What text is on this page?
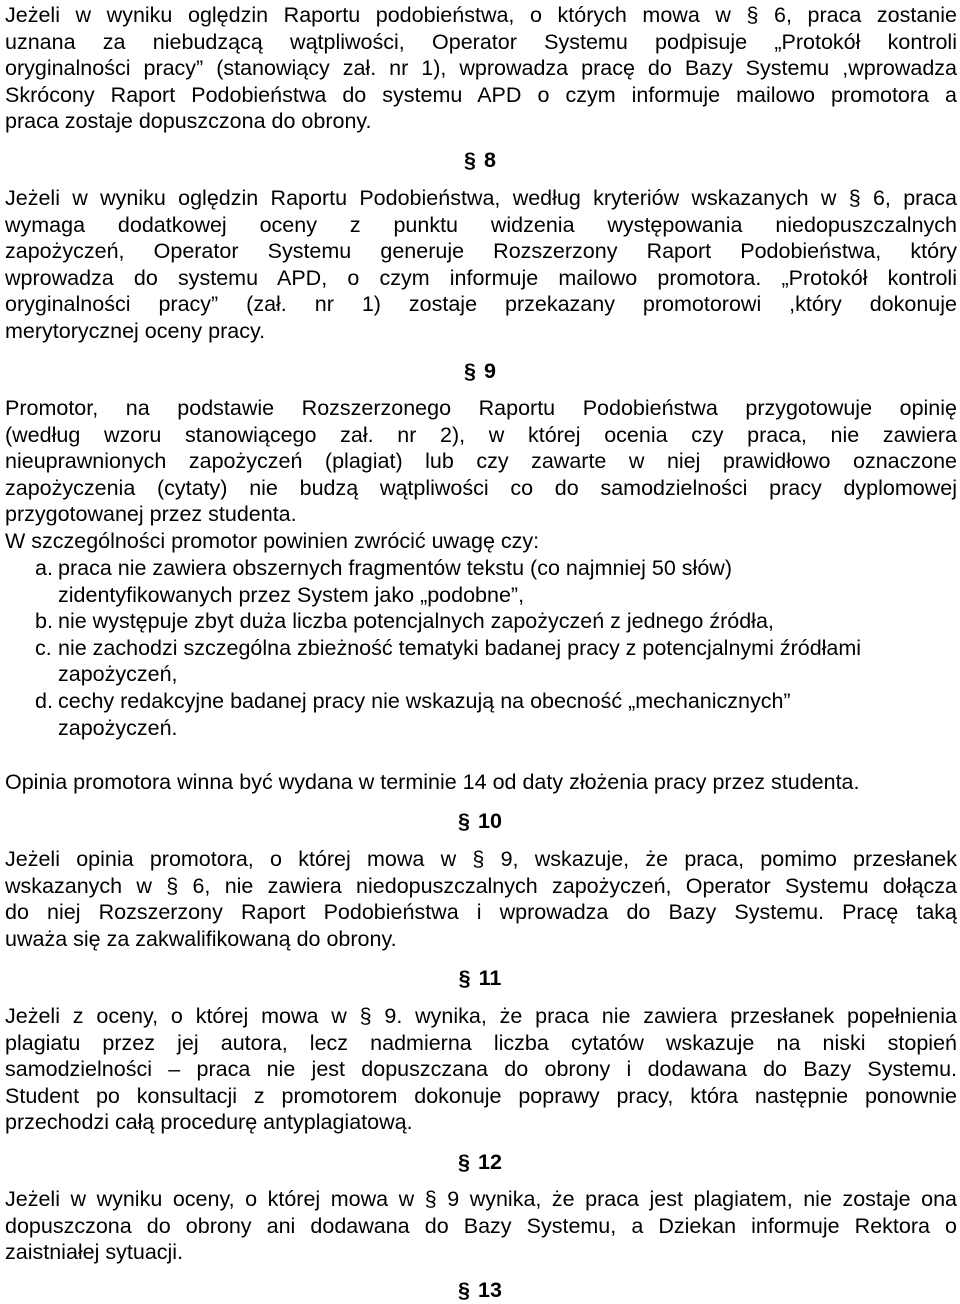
Jeżeli w wyniku oględzin Raportu podobieństwa, o których mowa w § 6, praca zostanie
uznana za niebudzącą wątpliwości, Operator Systemu podpisuje „Protokół kontroli
oryginalności pracy” (stanowiący zał. nr 1), wprowadza pracę do Bazy Systemu ,wprowadza
Skrócony Raport Podobieństwa do systemu APD o czym informuje mailowo promotora a
praca zostaje dopuszczona do obrony.
§ 8
Jeżeli w wyniku oględzin Raportu Podobieństwa, według kryteriów wskazanych w § 6, praca
wymaga dodatkowej oceny z punktu widzenia występowania niedopuszczalnych
zapożyczeń, Operator Systemu generuje Rozszerzony Raport Podobieństwa, który
wprowadza do systemu APD, o czym informuje mailowo promotora. „Protokół kontroli
oryginalności pracy” (zał. nr 1) zostaje przekazany promotorowi ,który dokonuje
merytorycznej oceny pracy.
§ 9
Promotor, na podstawie Rozszerzonego Raportu Podobieństwa przygotowuje opinię
(według wzoru stanowiącego zał. nr 2), w której ocenia czy praca, nie zawiera
nieuprawnionych zapożyczeń (plagiat) lub czy zawarte w niej prawidłowo oznaczone
zapożyczenia (cytaty) nie budzą wątpliwości co do samodzielności pracy dyplomowej
przygotowanej przez studenta.
W szczególności promotor powinien zwrócić uwagę czy:
a. praca nie zawiera obszernych fragmentów tekstu (co najmniej 50 słów)
zidentyfikowanych przez System jako „podobne”,
b. nie występuje zbyt duża liczba potencjalnych zapożyczeń z jednego źródła,
c. nie zachodzi szczególna zbieżność tematyki badanej pracy z potencjalnymi źródłami
zapożyczeń,
d. cechy redakcyjne badanej pracy nie wskazują na obecność „mechanicznych”
zapożyczeń.
Opinia promotora winna być wydana w terminie 14 od daty złożenia pracy przez studenta.
§ 10
Jeżeli opinia promotora, o której mowa w § 9, wskazuje, że praca, pomimo przesłanek
wskazanych w § 6, nie zawiera niedopuszczalnych zapożyczeń, Operator Systemu dołącza
do niej Rozszerzony Raport Podobieństwa i wprowadza do Bazy Systemu. Pracę taką
uważa się za zakwalifikowaną do obrony.
§ 11
Jeżeli z oceny, o której mowa w § 9. wynika, że praca nie zawiera przesłanek popełnienia
plagiatu przez jej autora, lecz nadmierna liczba cytatów wskazuje na niski stopień
samodzielności – praca nie jest dopuszczana do obrony i dodawana do Bazy Systemu.
Student po konsultacji z promotorem dokonuje poprawy pracy, która następnie ponownie
przechodzi całą procedurę antyplagiatową.
§ 12
Jeżeli w wyniku oceny, o której mowa w § 9 wynika, że praca jest plagiatem, nie zostaje ona
dopuszczona do obrony ani dodawana do Bazy Systemu, a Dziekan informuje Rektora o
zaistniałej sytuacji.
§ 13
